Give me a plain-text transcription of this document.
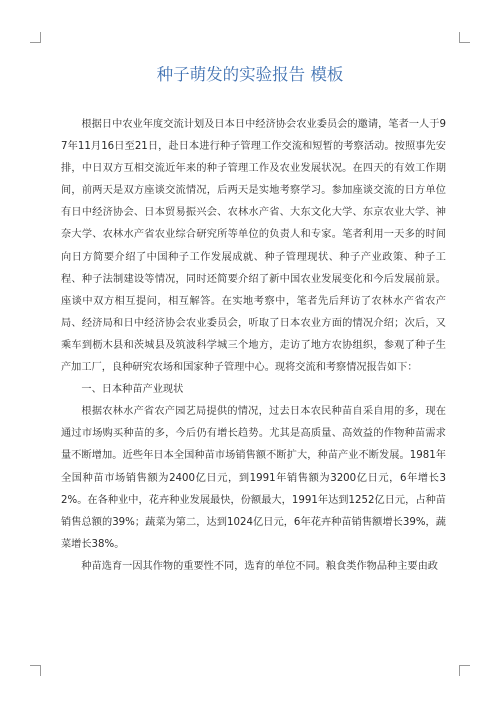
种子萌发的实验报告 模板

根据日中农业年度交流计划及日本日中经济协会农业委员会的邀请，笔者一人于97年11月16日至21日，赴日本进行种子管理工作交流和短暂的考察活动。按照事先安排，中日双方互相交流近年来的种子管理工作及农业发展状况。在四天的有效工作期间，前两天是双方座谈交流情况，后两天是实地考察学习。参加座谈交流的日方单位有日中经济协会、日本贸易振兴会、农林水产省、大东文化大学、东京农业大学、神奈大学、农林水产省农业综合研究所等单位的负责人和专家。笔者利用一天多的时间向日方简要介绍了中国种子工作发展成就、种子管理现状、种子产业政策、种子工程、种子法制建设等情况，同时还简要介绍了新中国农业发展变化和今后发展前景。座谈中双方相互提问，相互解答。在实地考察中，笔者先后拜访了农林水产省农产局、经济局和日中经济协会农业委员会，听取了日本农业方面的情况介绍；次后，又乘车到枥木县和茨城县及筑波科学城三个地方，走访了地方农协组织，参观了种子生产加工厂，良种研究农场和国家种子管理中心。现将交流和考察情况报告如下：

一、日本种苗产业现状

根据农林水产省农产园艺局提供的情况，过去日本农民种苗自采自用的多，现在通过市场购买种苗的多，今后仍有增长趋势。尤其是高质量、高效益的作物种苗需求量不断增加。近些年日本全国种苗市场销售额不断扩大，种苗产业不断发展。1981年全国种苗市场销售额为2400亿日元，到1991年销售额为3200亿日元，6年增长32%。在各种业中，花卉种业发展最快，份额最大，1991年达到1252亿日元，占种苗销售总额的39%；蔬菜为第二，达到1024亿日元，6年花卉种苗销售额增长39%，蔬菜增长38%。

种苗选育一因其作物的重要性不同，选育的单位不同。粮食类作物品种主要由政
